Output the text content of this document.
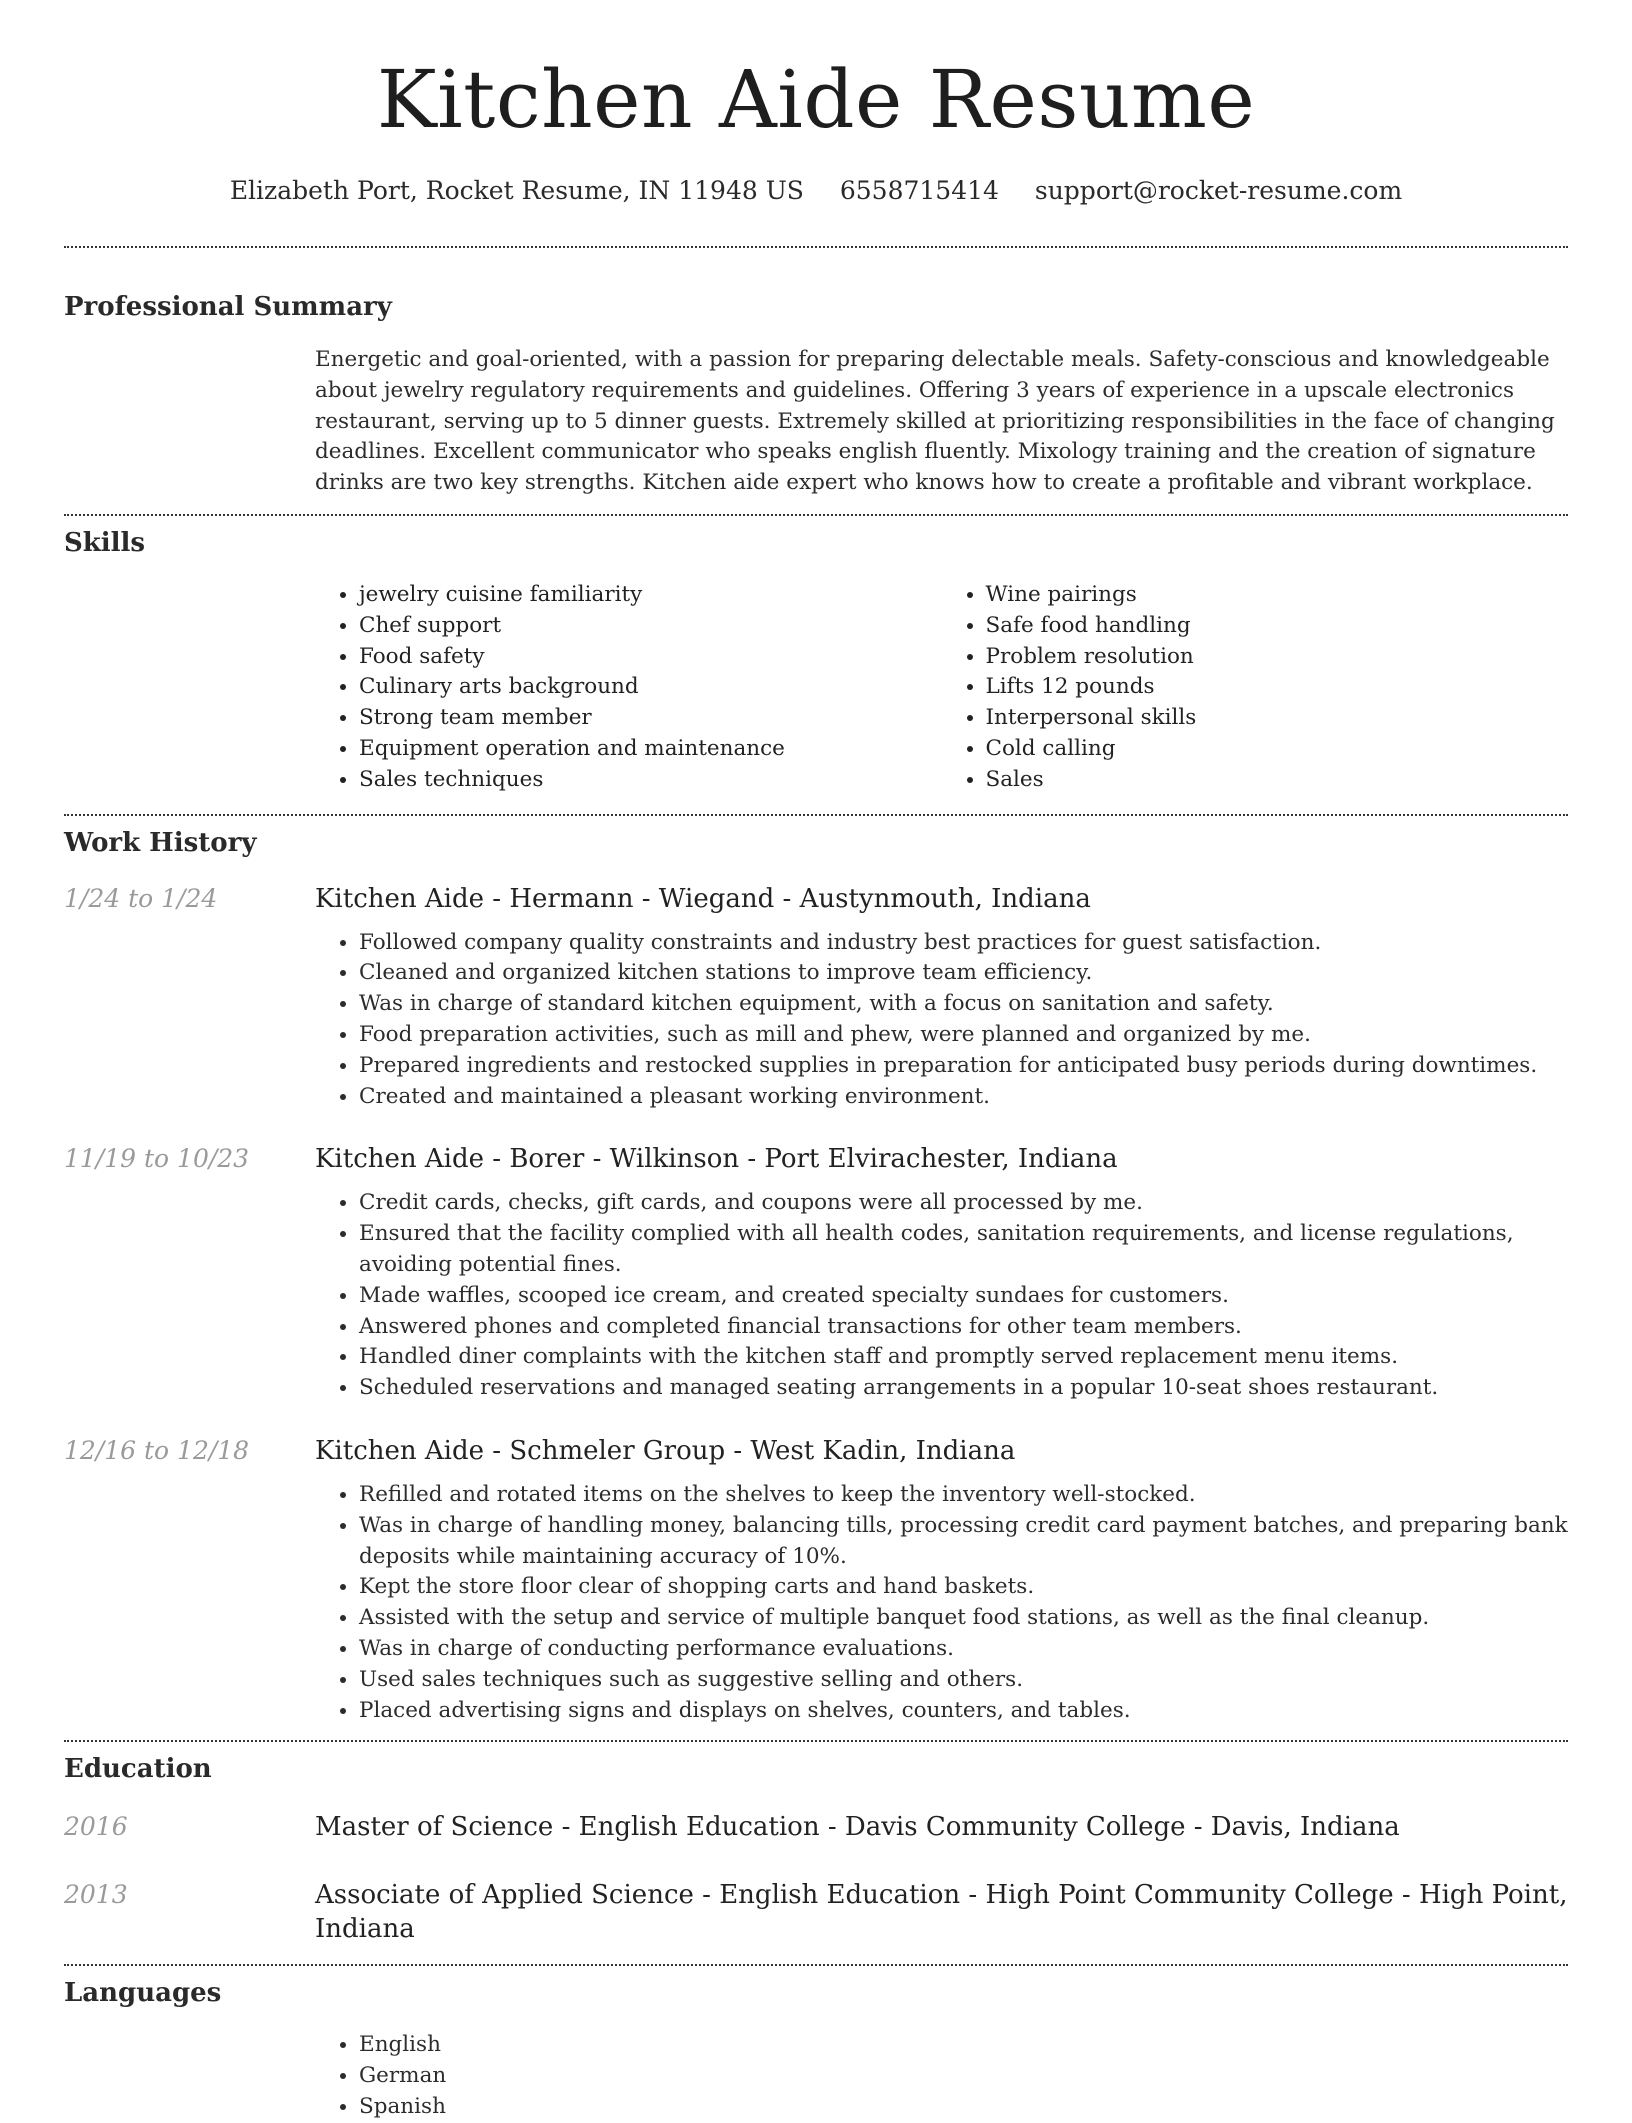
Kitchen Aide Resume
Elizabeth Port, Rocket Resume, IN 11948 US 6558715414 support@rocket-resume.com
Professional Summary

Energetic and goal-oriented, with a passion for preparing delectable meals. Safety-conscious and knowledgeable about jewelry regulatory requirements and guidelines. Offering 3 years of experience in a upscale electronics restaurant, serving up to 5 dinner guests. Extremely skilled at prioritizing responsibilities in the face of changing deadlines. Excellent communicator who speaks english fluently. Mixology training and the creation of signature drinks are two key strengths. Kitchen aide expert who knows how to create a profitable and vibrant workplace.

Skills
• jewelry cuisine familiarity
• Chef support
• Food safety
• Culinary arts background
• Strong team member
• Equipment operation and maintenance
• Sales techniques
• Wine pairings
• Safe food handling
• Problem resolution
• Lifts 12 pounds
• Interpersonal skills
• Cold calling
• Sales
Work History
1/24 to 1/24	Kitchen Aide - Hermann - Wiegand - Austynmouth, Indiana
• Followed company quality constraints and industry best practices for guest satisfaction.
• Cleaned and organized kitchen stations to improve team efficiency.
• Was in charge of standard kitchen equipment, with a focus on sanitation and safety.
• Food preparation activities, such as mill and phew, were planned and organized by me.
• Prepared ingredients and restocked supplies in preparation for anticipated busy periods during downtimes.
• Created and maintained a pleasant working environment.
11/19 to 10/23	Kitchen Aide - Borer - Wilkinson - Port Elvirachester, Indiana
• Credit cards, checks, gift cards, and coupons were all processed by me.
• Ensured that the facility complied with all health codes, sanitation requirements, and license regulations, avoiding potential fines.
• Made waffles, scooped ice cream, and created specialty sundaes for customers.
• Answered phones and completed financial transactions for other team members.
• Handled diner complaints with the kitchen staff and promptly served replacement menu items.
• Scheduled reservations and managed seating arrangements in a popular 10-seat shoes restaurant.
12/16 to 12/18	Kitchen Aide - Schmeler Group - West Kadin, Indiana
• Refilled and rotated items on the shelves to keep the inventory well-stocked.
• Was in charge of handling money, balancing tills, processing credit card payment batches, and preparing bank deposits while maintaining accuracy of 10%.
• Kept the store floor clear of shopping carts and hand baskets.
• Assisted with the setup and service of multiple banquet food stations, as well as the final cleanup.
• Was in charge of conducting performance evaluations.
• Used sales techniques such as suggestive selling and others.
• Placed advertising signs and displays on shelves, counters, and tables.
Education
2016	Master of Science - English Education - Davis Community College - Davis, Indiana
2013	Associate of Applied Science - English Education - High Point Community College - High Point, Indiana
Languages
• English
• German
• Spanish
